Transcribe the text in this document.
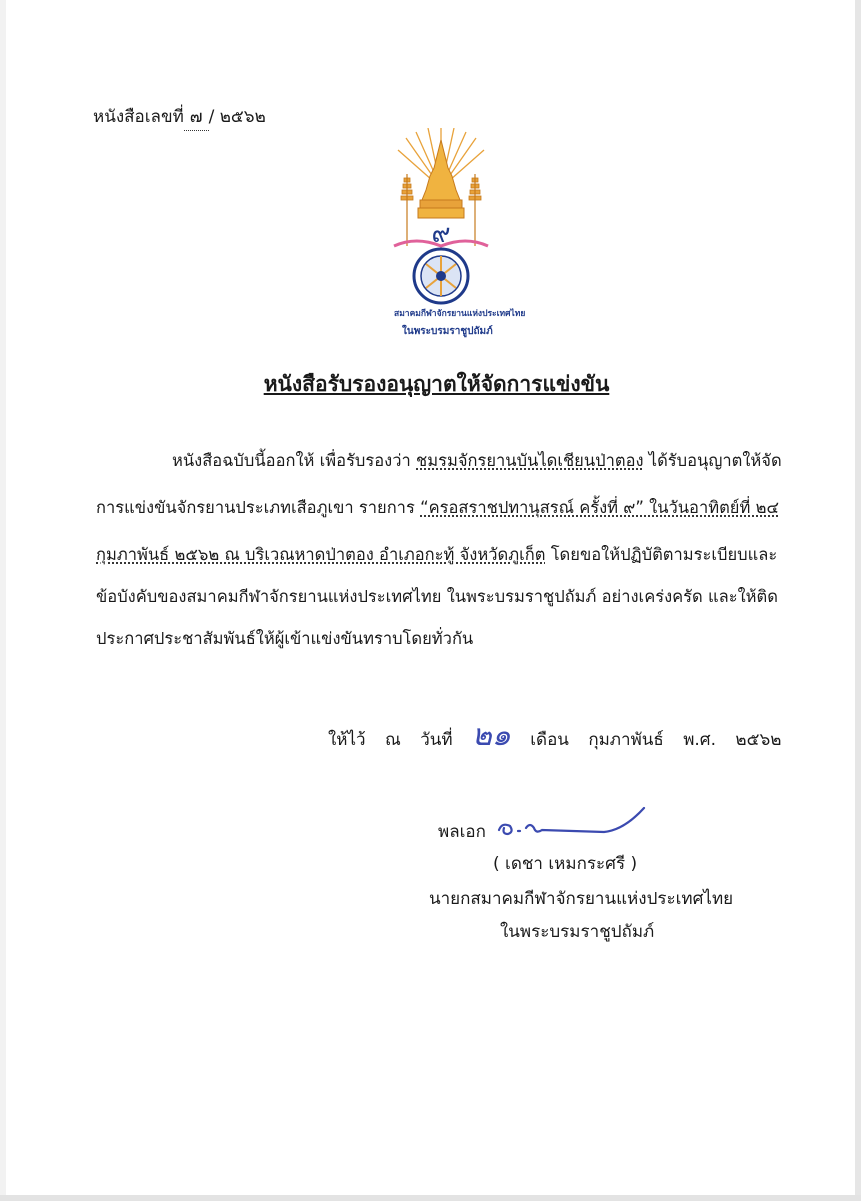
หนังสือเลขที่ ๗ / ๒๕๖๒
๙
สมาคมกีฬาจักรยานแห่งประเทศไทย
ในพระบรมราชูปถัมภ์
หนังสือรับรองอนุญาตให้จัดการแข่งขัน
หนังสือฉบับนี้ออกให้ เพื่อรับรองว่า ชมรมจักรยานบันไดเชียนป่าตอง ได้รับอนุญาตให้จัด
การแข่งขันจักรยานประเภทเสือภูเขา รายการ “ครอสราชปทานุสรณ์ ครั้งที่ ๙” ในวันอาทิตย์ที่ ๒๔
กุมภาพันธ์ ๒๕๖๒ ณ บริเวณหาดป่าตอง อำเภอกะทู้ จังหวัดภูเก็ต โดยขอให้ปฏิบัติตามระเบียบและ
ข้อบังคับของสมาคมกีฬาจักรยานแห่งประเทศไทย ในพระบรมราชูปถัมภ์ อย่างเคร่งครัด และให้ติด
ประกาศประชาสัมพันธ์ให้ผู้เข้าแข่งขันทราบโดยทั่วกัน
ให้ไว้ ณ วันที่ ๒๑ เดือน กุมภาพันธ์ พ.ศ. ๒๕๖๒
พลเอก
( เดชา เหมกระศรี )
นายกสมาคมกีฬาจักรยานแห่งประเทศไทย
ในพระบรมราชูปถัมภ์
